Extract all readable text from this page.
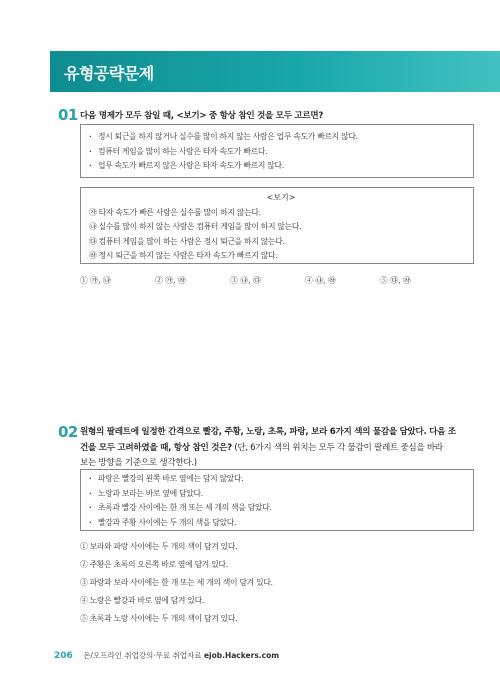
유형공략문제
01 다음 명제가 모두 참일 때, <보기> 중 항상 참인 것을 모두 고르면?
· 정시 퇴근을 하지 않거나 실수를 많이 하지 않는 사람은 업무 속도가 빠르지 않다.
· 컴퓨터 게임을 많이 하는 사람은 타자 속도가 빠르다.
· 업무 속도가 빠르지 않은 사람은 타자 속도가 빠르지 않다.
<보기>
㉮ 타자 속도가 빠른 사람은 실수를 많이 하지 않는다.
㉯ 실수를 많이 하지 않는 사람은 컴퓨터 게임을 많이 하지 않는다.
㉰ 컴퓨터 게임을 많이 하는 사람은 정시 퇴근을 하지 않는다.
㉱ 정시 퇴근을 하지 않는 사람은 타자 속도가 빠르지 않다.
① ㉮, ㉯	② ㉮, ㉱	③ ㉯, ㉰	④ ㉯, ㉱	⑤ ㉰, ㉱
02 원형의 팔레트에 일정한 간격으로 빨강, 주황, 노랑, 초록, 파랑, 보라 6가지 색의 물감을 담았다. 다음 조
건을 모두 고려하였을 때, 항상 참인 것은? (단, 6가지 색의 위치는 모두 각 물감이 팔레트 중심을 바라
보는 방향을 기준으로 생각한다.)
· 파랑은 빨강의 왼쪽 바로 옆에는 담지 않았다.
· 노랑과 보라는 바로 옆에 담았다.
· 초록과 빨강 사이에는 한 개 또는 세 개의 색을 담았다.
· 빨강과 주황 사이에는 두 개의 색을 담았다.
① 보라와 파랑 사이에는 두 개의 색이 담겨 있다.
② 주황은 초록의 오른쪽 바로 옆에 담겨 있다.
③ 파랑과 보라 사이에는 한 개 또는 세 개의 색이 담겨 있다.
④ 노랑은 빨강과 바로 옆에 담겨 있다.
⑤ 초록과 노랑 사이에는 두 개의 색이 담겨 있다.
206 온/오프라인 취업강의·무료 취업자료 ejob.Hackers.com
